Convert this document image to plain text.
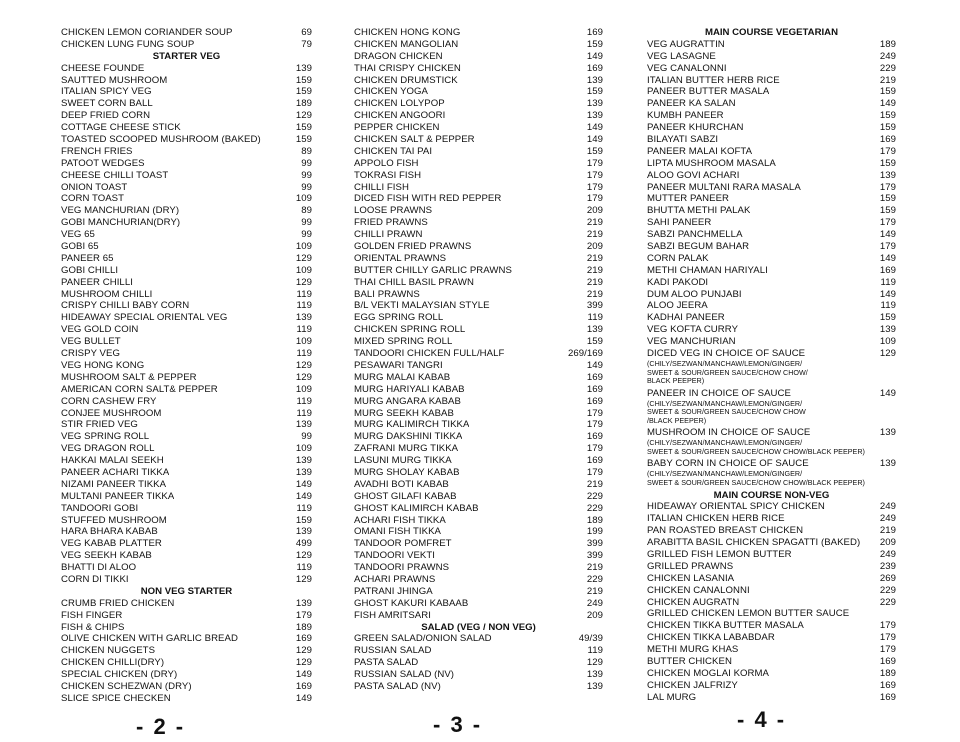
CHICKEN LEMON CORIANDER SOUP	69
CHICKEN LUNG FUNG SOUP	79
STARTER VEG
CHEESE FOUNDE	139
SAUTTED MUSHROOM	159
ITALIAN SPICY VEG	159
SWEET CORN BALL	189
DEEP FRIED CORN	129
COTTAGE CHEESE STICK	159
TOASTED SCOOPED MUSHROOM (BAKED)	159
FRENCH FRIES	89
PATOOT WEDGES	99
CHEESE CHILLI TOAST	99
ONION TOAST	99
CORN TOAST	109
VEG MANCHURIAN (DRY)	89
GOBI MANCHURIAN(DRY)	99
VEG 65	99
GOBI 65	109
PANEER 65	129
GOBI CHILLI	109
PANEER CHILLI	129
MUSHROOM CHILLI	119
CRISPY CHILLI BABY CORN	119
HIDEAWAY SPECIAL ORIENTAL VEG	139
VEG GOLD COIN	119
VEG BULLET	109
CRISPY VEG	119
VEG HONG KONG	129
MUSHROOM SALT & PEPPER	129
AMERICAN CORN SALT& PEPPER	109
CORN CASHEW FRY	119
CONJEE MUSHROOM	119
STIR FRIED VEG	139
VEG SPRING ROLL	99
VEG DRAGON ROLL	109
HAKKAI MALAI SEEKH	139
PANEER ACHARI TIKKA	139
NIZAMI PANEER TIKKA	149
MULTANI PANEER TIKKA	149
TANDOORI GOBI	119
STUFFED MUSHROOM	159
HARA BHARA KABAB	139
VEG KABAB PLATTER	499
VEG SEEKH KABAB	129
BHATTI DI ALOO	119
CORN DI TIKKI	129
NON VEG STARTER
CRUMB FRIED CHICKEN	139
FISH FINGER	179
FISH & CHIPS	189
OLIVE CHICKEN WITH GARLIC BREAD	169
CHICKEN NUGGETS	129
CHICKEN CHILLI(DRY)	129
SPECIAL CHICKEN (DRY)	149
CHICKEN SCHEZWAN (DRY)	169
SLICE SPICE CHECKEN	149
CHICKEN HONG KONG	169
CHICKEN MANGOLIAN	159
DRAGON CHICKEN	149
THAI CRISPY CHICKEN	169
CHICKEN DRUMSTICK	139
CHICKEN YOGA	159
CHICKEN LOLYPOP	139
CHICKEN ANGOORI	139
PEPPER CHICKEN	149
CHICKEN SALT & PEPPER	149
CHICKEN TAI PAI	159
APPOLO FISH	179
TOKRASI FISH	179
CHILLI FISH	179
DICED FISH WITH RED PEPPER	179
LOOSE PRAWNS	209
FRIED PRAWNS	219
CHILLI PRAWN	219
GOLDEN FRIED PRAWNS	209
ORIENTAL PRAWNS	219
BUTTER CHILLY GARLIC PRAWNS	219
THAI CHILL BASIL PRAWN	219
BALI PRAWNS	219
B/L VEKTI MALAYSIAN STYLE	399
EGG SPRING ROLL	119
CHICKEN SPRING ROLL	139
MIXED SPRING ROLL	159
TANDOORI CHICKEN FULL/HALF	269/169
PESAWARI TANGRI	149
MURG MALAI KABAB	169
MURG HARIYALI KABAB	169
MURG ANGARA KABAB	169
MURG SEEKH KABAB	179
MURG KALIMIRCH TIKKA	179
MURG DAKSHINI TIKKA	169
ZAFRANI MURG TIKKA	179
LASUNI MURG TIKKA	169
MURG SHOLAY KABAB	179
AVADHI BOTI KABAB	219
GHOST GILAFI KABAB	229
GHOST KALIMIRCH KABAB	229
ACHARI FISH TIKKA	189
OMANI FISH TIKKA	199
TANDOOR POMFRET	399
TANDOORI VEKTI	399
TANDOORI PRAWNS	219
ACHARI PRAWNS	229
PATRANI JHINGA	219
GHOST KAKURI KABAAB	249
FISH AMRITSARI	209
SALAD (VEG / NON VEG)
GREEN SALAD/ONION SALAD	49/39
RUSSIAN SALAD	119
PASTA SALAD	129
RUSSIAN SALAD (NV)	139
PASTA SALAD (NV)	139
MAIN COURSE VEGETARIAN
VEG AUGRATTIN	189
VEG LASAGNE	249
VEG CANALONNI	229
ITALIAN BUTTER HERB RICE	219
PANEER BUTTER MASALA	159
PANEER KA SALAN	149
KUMBH PANEER	159
PANEER KHURCHAN	159
BILAYATI SABZI	169
PANEER MALAI KOFTA	179
LIPTA MUSHROOM MASALA	159
ALOO GOVI ACHARI	139
PANEER MULTANI RARA MASALA	179
MUTTER PANEER	159
BHUTTA METHI PALAK	159
SAHI PANEER	179
SABZI PANCHMELLA	149
SABZI BEGUM BAHAR	179
CORN PALAK	149
METHI CHAMAN HARIYALI	169
KADI PAKODI	119
DUM ALOO PUNJABI	149
ALOO JEERA	119
KADHAI PANEER	159
VEG KOFTA CURRY	139
VEG MANCHURIAN	109
DICED VEG IN CHOICE OF SAUCE	129
(CHILY/SEZWAN/MANCHAW/LEMON/GINGER/
SWEET & SOUR/GREEN SAUCE/CHOW CHOW/
BLACK PEEPER)
PANEER IN CHOICE OF SAUCE	149
(CHILY/SEZWAN/MANCHAW/LEMON/GINGER/
SWEET & SOUR/GREEN SAUCE/CHOW CHOW
/BLACK PEEPER)
MUSHROOM IN CHOICE OF SAUCE	139
(CHILY/SEZWAN/MANCHAW/LEMON/GINGER/
SWEET & SOUR/GREEN SAUCE/CHOW CHOW/BLACK PEEPER)
BABY CORN IN CHOICE OF SAUCE	139
(CHILY/SEZWAN/MANCHAW/LEMON/GINGER/
SWEET & SOUR/GREEN SAUCE/CHOW CHOW/BLACK PEEPER)
MAIN COURSE NON-VEG
HIDEAWAY ORIENTAL SPICY CHICKEN	249
ITALIAN CHICKEN HERB RICE	249
PAN ROASTED BREAST CHICKEN	219
ARABITTA BASIL CHICKEN SPAGATTI (BAKED) 209
GRILLED FISH LEMON BUTTER	249
GRILLED PRAWNS	239
CHICKEN LASANIA	269
CHICKEN CANALONNI	229
CHICKEN AUGRATN	229
GRILLED CHICKEN LEMON BUTTER SAUCE
CHICKEN TIKKA BUTTER MASALA	179
CHICKEN TIKKA LABABDAR	179
METHI MURG KHAS	179
BUTTER CHICKEN	169
CHICKEN MOGLAI KORMA	189
CHICKEN JALFRIZY	169
LAL MURG	169
- 2 -	- 3 -	- 4 -
